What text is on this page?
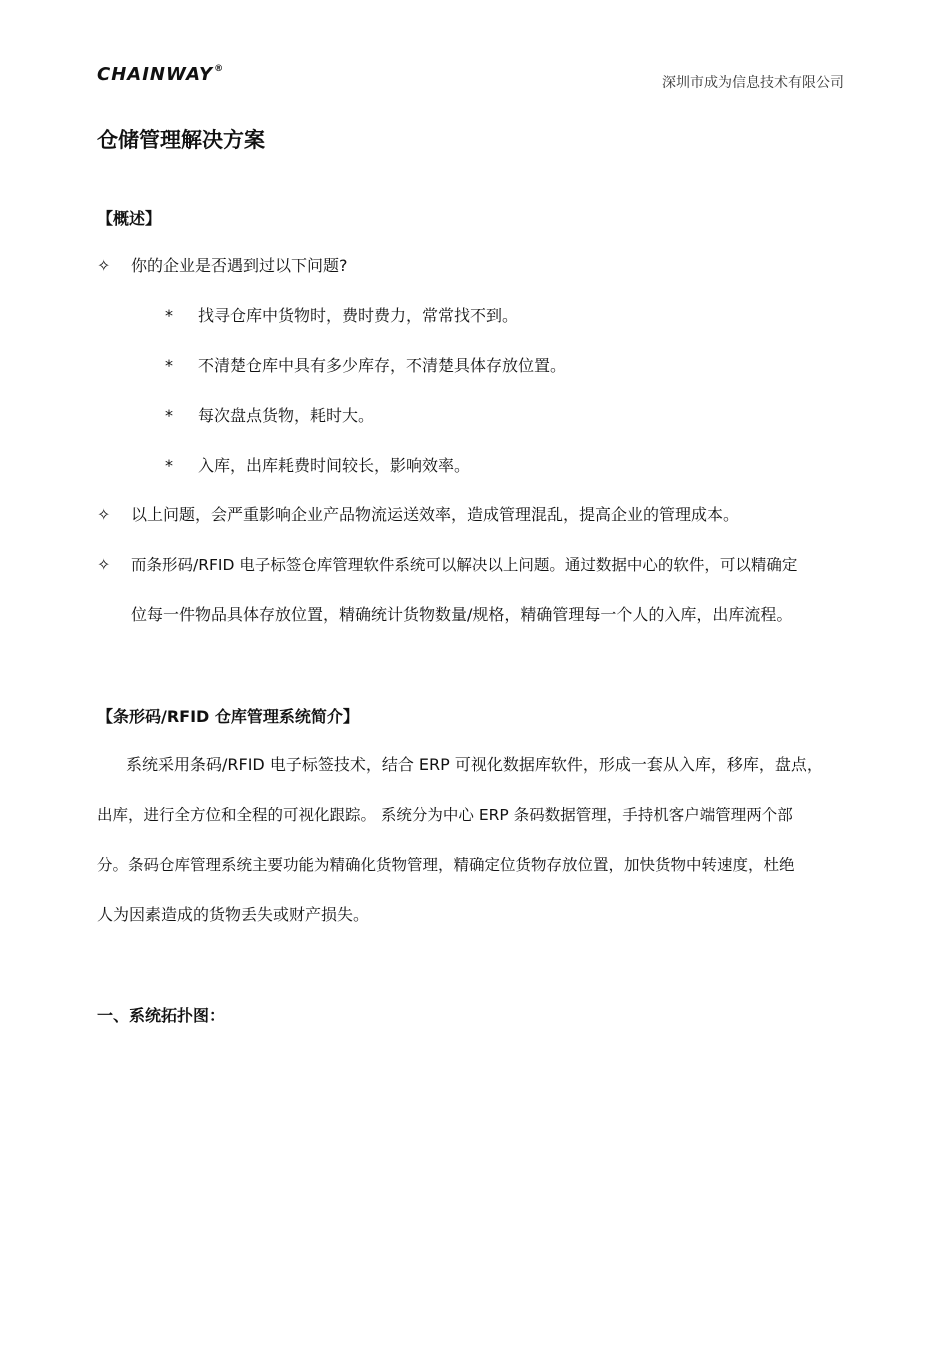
CHAINWAY®
深圳市成为信息技术有限公司
仓储管理解决方案
【概述】
✧ 你的企业是否遇到过以下问题?
* 找寻仓库中货物时，费时费力，常常找不到。
* 不清楚仓库中具有多少库存，不清楚具体存放位置。
* 每次盘点货物，耗时大。
* 入库，出库耗费时间较长，影响效率。
✧ 以上问题，会严重影响企业产品物流运送效率，造成管理混乱，提高企业的管理成本。
✧ 而条形码/RFID 电子标签仓库管理软件系统可以解决以上问题。通过数据中心的软件，可以精确定
位每一件物品具体存放位置，精确统计货物数量/规格，精确管理每一个人的入库，出库流程。
【条形码/RFID 仓库管理系统简介】
系统采用条码/RFID 电子标签技术，结合 ERP 可视化数据库软件，形成一套从入库，移库，盘点，
出库，进行全方位和全程的可视化跟踪。 系统分为中心 ERP 条码数据管理，手持机客户端管理两个部
分。条码仓库管理系统主要功能为精确化货物管理，精确定位货物存放位置，加快货物中转速度，杜绝
人为因素造成的货物丢失或财产损失。
一、系统拓扑图：
